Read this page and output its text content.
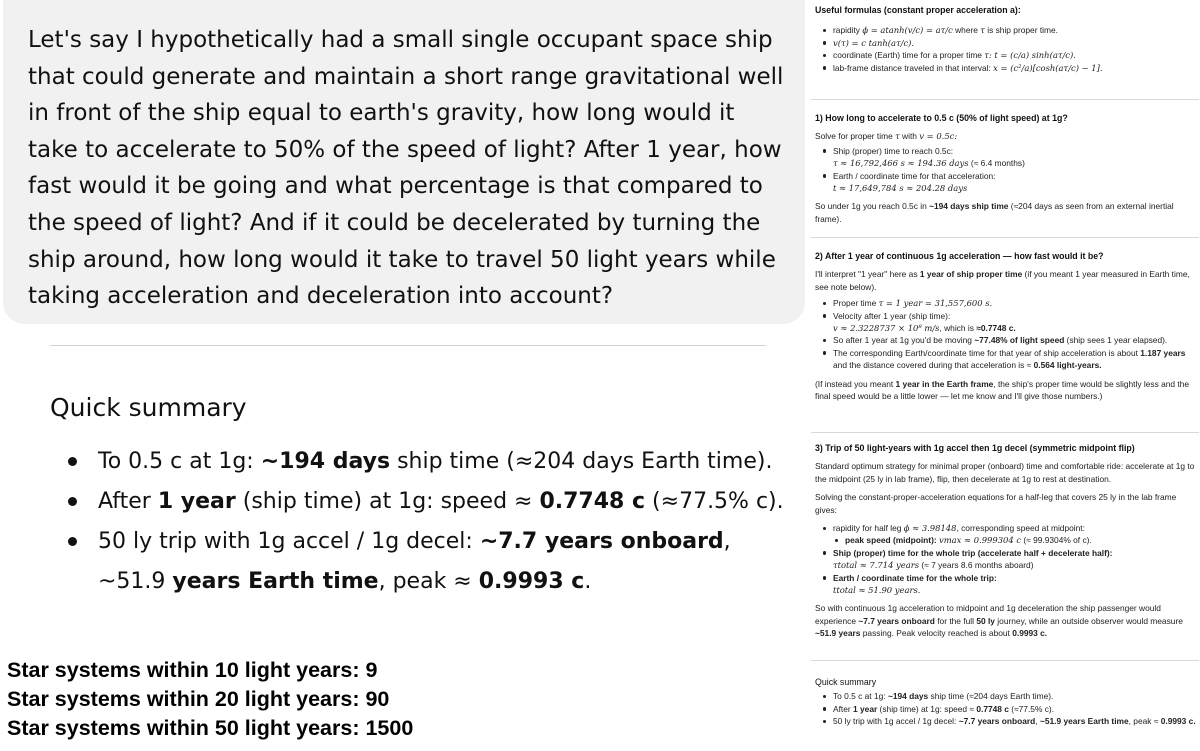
Let's say I hypothetically had a small single occupant space ship that could generate and maintain a short range gravitational well in front of the ship equal to earth's gravity, how long would it take to accelerate to 50% of the speed of light? After 1 year, how fast would it be going and what percentage is that compared to the speed of light? And if it could be decelerated by turning the ship around, how long would it take to travel 50 light years while taking acceleration and deceleration into account?
Quick summary
To 0.5 c at 1g: ~194 days ship time (≈204 days Earth time).
After 1 year (ship time) at 1g: speed ≈ 0.7748 c (≈77.5% c).
50 ly trip with 1g accel / 1g decel: ~7.7 years onboard, ~51.9 years Earth time, peak ≈ 0.9993 c.
Star systems within 10 light years: 9
Star systems within 20 light years: 90
Star systems within 50 light years: 1500

Useful formulas (constant proper acceleration a):

rapidity ϕ = atanh(v/c) = aτ/c where τ is ship proper time.
v(τ) = c tanh(aτ/c).
coordinate (Earth) time for a proper time τ: t = (c/a) sinh(aτ/c).
lab-frame distance traveled in that interval: x = (c²/a)[cosh(aτ/c) − 1].

1) How long to accelerate to 0.5 c (50% of light speed) at 1g?

Solve for proper time τ with v = 0.5c:

Ship (proper) time to reach 0.5c:
τ ≈ 16,792,466 s ≈ 194.36 days (≈ 6.4 months)
Earth / coordinate time for that acceleration:
t ≈ 17,649,784 s ≈ 204.28 days

So under 1g you reach 0.5c in ~194 days ship time (≈204 days as seen from an external inertial frame).

2) After 1 year of continuous 1g acceleration — how fast would it be?

I'll interpret "1 year" here as 1 year of ship proper time (if you meant 1 year measured in Earth time, see note below).

Proper time τ = 1 year = 31,557,600 s.
Velocity after 1 year (ship time):
v ≈ 2.3228737 × 10⁸ m/s, which is ≈0.7748 c.
So after 1 year at 1g you'd be moving ~77.48% of light speed (ship sees 1 year elapsed).
The corresponding Earth/coordinate time for that year of ship acceleration is about 1.187 years and the distance covered during that acceleration is ≈ 0.564 light-years.

(If instead you meant 1 year in the Earth frame, the ship's proper time would be slightly less and the final speed would be a little lower — let me know and I'll give those numbers.)

3) Trip of 50 light-years with 1g accel then 1g decel (symmetric midpoint flip)

Standard optimum strategy for minimal proper (onboard) time and comfortable ride: accelerate at 1g to the midpoint (25 ly in lab frame), flip, then decelerate at 1g to rest at destination.

Solving the constant-proper-acceleration equations for a half-leg that covers 25 ly in the lab frame gives:

rapidity for half leg ϕ ≈ 3.98148, corresponding speed at midpoint:
peak speed (midpoint): vmax ≈ 0.999304 c (≈ 99.9304% of c).
Ship (proper) time for the whole trip (accelerate half + decelerate half):
τtotal ≈ 7.714 years (≈ 7 years 8.6 months aboard)
Earth / coordinate time for the whole trip:
ttotal ≈ 51.90 years.

So with continuous 1g acceleration to midpoint and 1g deceleration the ship passenger would experience ~7.7 years onboard for the full 50 ly journey, while an outside observer would measure ~51.9 years passing. Peak velocity reached is about 0.9993 c.

Quick summary

To 0.5 c at 1g: ~194 days ship time (≈204 days Earth time).
After 1 year (ship time) at 1g: speed ≈ 0.7748 c (≈77.5% c).
50 ly trip with 1g accel / 1g decel: ~7.7 years onboard, ~51.9 years Earth time, peak ≈ 0.9993 c.
